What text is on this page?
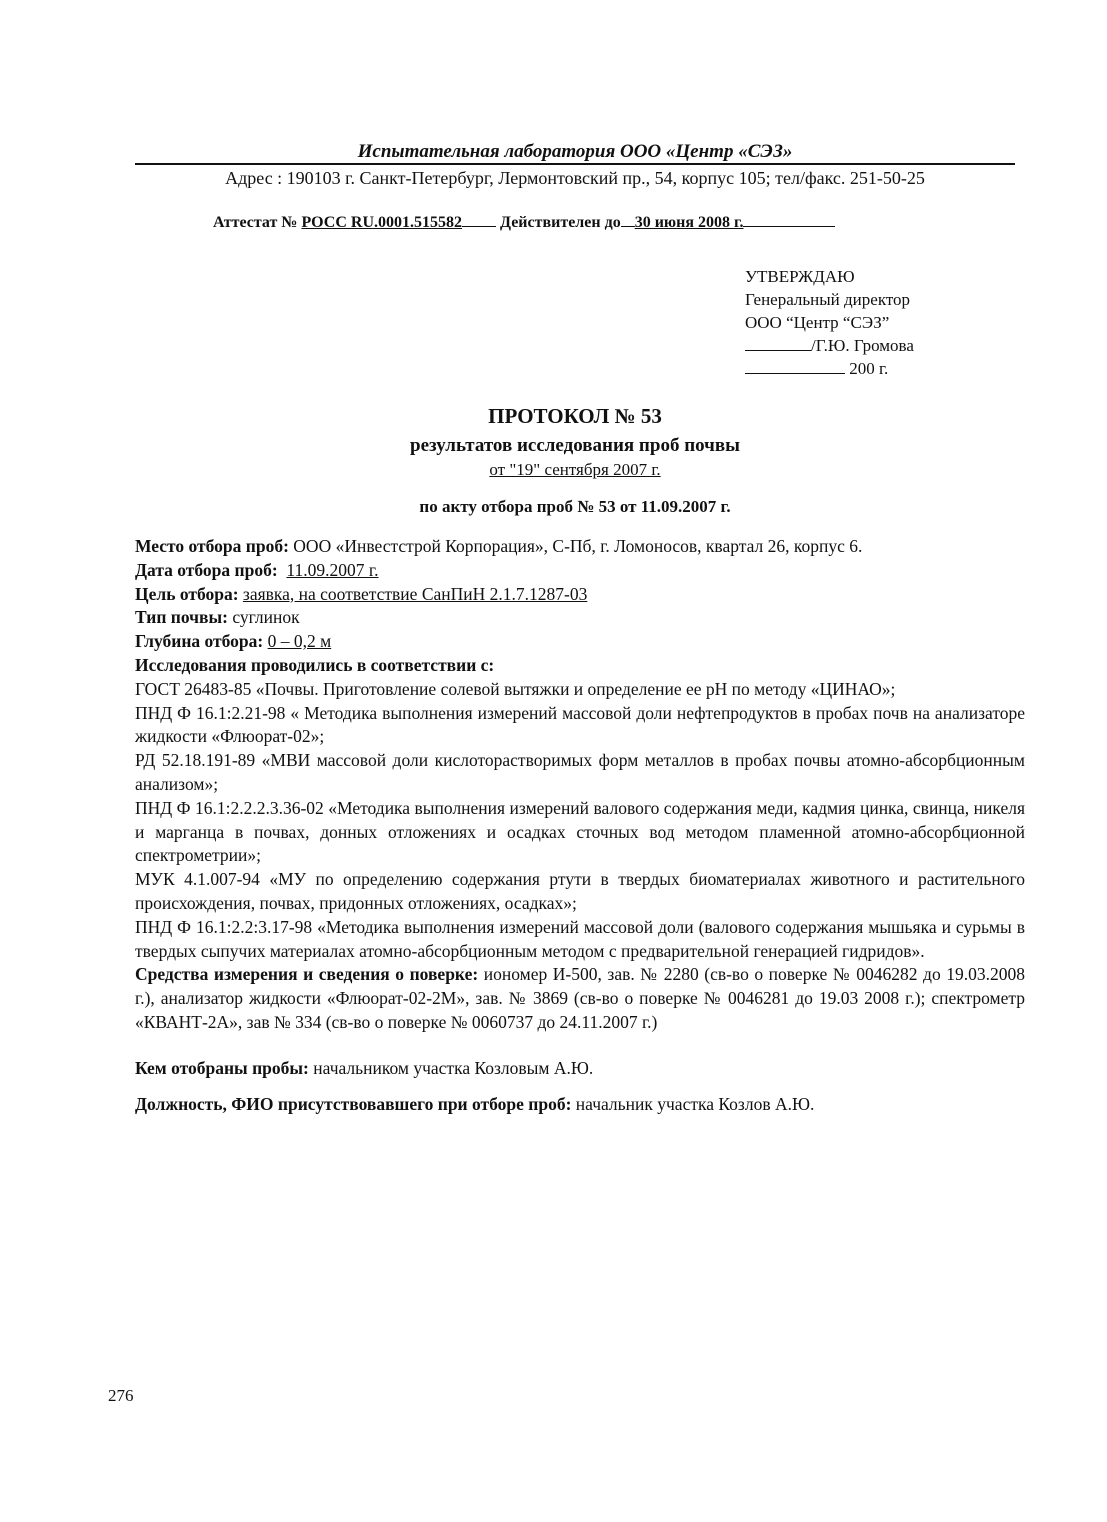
Испытательная лаборатория ООО «Центр «СЭЗ»
Адрес : 190103 г. Санкт-Петербург, Лермонтовский пр., 54, корпус 105; тел/факс. 251-50-25
Аттестат № РОСС RU.0001.515582 Действителен до 30 июня 2008 г.
УТВЕРЖДАЮ
Генеральный директор
ООО “Центр “СЭЗ”
/Г.Ю. Громова
200 г.
ПРОТОКОЛ № 53
результатов исследования проб почвы
от "19" сентября 2007 г.
по акту отбора проб № 53 от 11.09.2007 г.

Место отбора проб: ООО «Инвестстрой Корпорация», С-Пб, г. Ломоносов, квартал 26, корпус 6.

Дата отбора проб: 11.09.2007 г.

Цель отбора: заявка, на соответствие СанПиН 2.1.7.1287-03

Тип почвы: суглинок

Глубина отбора: 0 – 0,2 м

Исследования проводились в соответствии с:

ГОСТ 26483-85 «Почвы. Приготовление солевой вытяжки и определение ее рН по методу «ЦИНАО»;

ПНД Ф 16.1:2.21-98 « Методика выполнения измерений массовой доли нефтепродуктов в пробах почв на анализаторе жидкости «Флюорат-02»;

РД 52.18.191-89 «МВИ массовой доли кислоторастворимых форм металлов в пробах почвы атомно-абсорбционным анализом»;

ПНД Ф 16.1:2.2.2.3.36-02 «Методика выполнения измерений валового содержания меди, кадмия цинка, свинца, никеля и марганца в почвах, донных отложениях и осадках сточных вод методом пламенной атомно-абсорбционной спектрометрии»;

МУК 4.1.007-94 «МУ по определению содержания ртути в твердых биоматериалах животного и растительного происхождения, почвах, придонных отложениях, осадках»;

ПНД Ф 16.1:2.2:3.17-98 «Методика выполнения измерений массовой доли (валового содержания мышьяка и сурьмы в твердых сыпучих материалах атомно-абсорбционным методом с предварительной генерацией гидридов».

Средства измерения и сведения о поверке: иономер И-500, зав. № 2280 (св-во о поверке № 0046282 до 19.03.2008 г.), анализатор жидкости «Флюорат-02-2М», зав. № 3869 (св-во о поверке № 0046281 до 19.03 2008 г.); спектрометр «КВАНТ-2А», зав № 334 (св-во о поверке № 0060737 до 24.11.2007 г.)

Кем отобраны пробы: начальником участка Козловым А.Ю.

Должность, ФИО присутствовавшего при отборе проб: начальник участка Козлов А.Ю.

276
